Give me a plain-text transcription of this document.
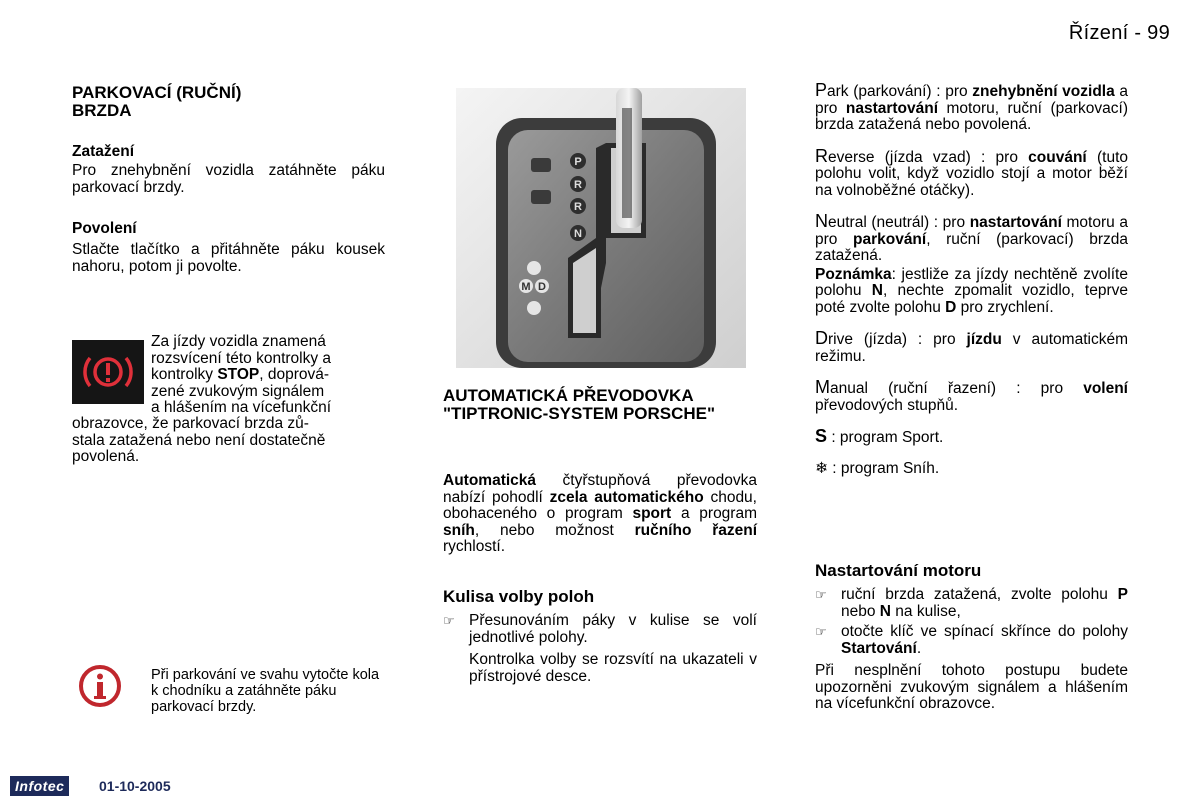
Řízení - 99
PARKOVACÍ (RUČNÍ) BRZDA
Zatažení

Pro znehybnění vozidla zatáhněte páku parkovací brzdy.

Povolení

Stlačte tlačítko a přitáhněte páku kousek nahoru, potom ji povolte.

Za jízdy vozidla znamená
rozsvícení této kontrolky a
kontrolky STOP, doprová-
zené zvukovým signálem
a hlášením na vícefunkční
obrazovce, že parkovací brzda zů-
stala zatažená nebo není dostatečně
povolená.

Při parkování ve svahu vytočte kola k chodníku a zatáhněte páku parkovací brzdy.

P
R
R
N
M D
AUTOMATICKÁ PŘEVODOVKA "TIPTRONIC-SYSTEM PORSCHE"

Automatická čtyřstupňová převodovka nabízí pohodlí zcela automatického chodu, obohaceného o program sport a program sníh, nebo možnost ručního řazení rychlostí.

Kulisa volby poloh
☞ Přesunováním páky v kulise se volí jednotlivé polohy.
Kontrolka volby se rozsvítí na ukazateli v přístrojové desce.

Park (parkování) : pro znehybnění vozidla a pro nastartování motoru, ruční (parkovací) brzda zatažená nebo povolená.

Reverse (jízda vzad) : pro couvání (tuto polohu volit, když vozidlo stojí a motor běží na volnoběžné otáčky).

Neutral (neutrál) : pro nastartování motoru a pro parkování, ruční (parkovací) brzda zatažená.

Poznámka: jestliže za jízdy nechtěně zvolíte polohu N, nechte zpomalit vozidlo, teprve poté zvolte polohu D pro zrychlení.

Drive (jízda) : pro jízdu v automatickém režimu.

Manual (ruční řazení) : pro volení převodových stupňů.

S : program Sport.

❄ : program Sníh.

Nastartování motoru
☞ ruční brzda zatažená, zvolte polohu P nebo N na kulise,
☞ otočte klíč ve spínací skřínce do polohy Startování.

Při nesplnění tohoto postupu budete upozorněni zvukovým signálem a hlášením na vícefunkční obrazovce.

Infotec	01-10-2005
